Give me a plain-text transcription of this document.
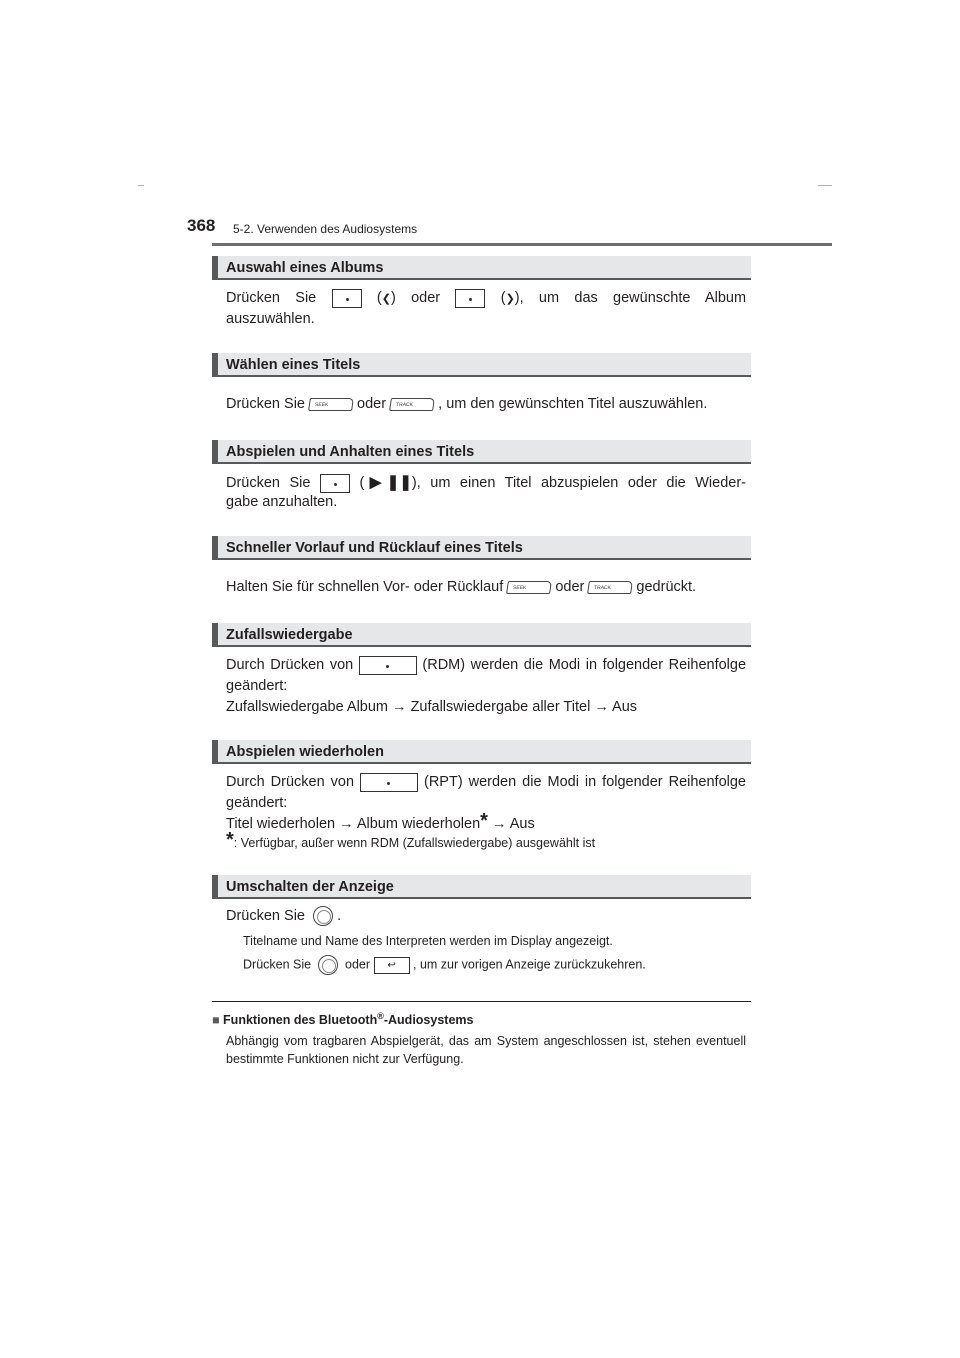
368 5-2. Verwenden des Audiosystems
Auswahl eines Albums
Drücken Sie	(❮) oder	(❯), um das gewünschte Album
auszuwählen.
Wählen eines Titels
Drücken Sie SEEK oder TRACK , um den gewünschten Titel auszuwählen.
Abspielen und Anhalten eines Titels
Drücken Sie	(▶❚❚), um einen Titel abzuspielen oder die Wieder-
gabe anzuhalten.
Schneller Vorlauf und Rücklauf eines Titels
Halten Sie für schnellen Vor- oder Rücklauf SEEK oder TRACK gedrückt.
Zufallswiedergabe
Durch Drücken von	(RDM) werden die Modi in folgender Reihenfolge
geändert:
Zufallswiedergabe Album → Zufallswiedergabe aller Titel → Aus
Abspielen wiederholen
Durch Drücken von	(RPT) werden die Modi in folgender Reihenfolge
geändert:
Titel wiederholen → Album wiederholen* → Aus
*: Verfügbar, außer wenn RDM (Zufallswiedergabe) ausgewählt ist
Umschalten der Anzeige
Drücken Sie .
Titelname und Name des Interpreten werden im Display angezeigt.
Drücken Sie	oder ↩ , um zur vorigen Anzeige zurückzukehren.
■ Funktionen des Bluetooth®-Audiosystems
Abhängig vom tragbaren Abspielgerät, das am System angeschlossen ist, stehen eventuell bestimmte Funktionen nicht zur Verfügung.
